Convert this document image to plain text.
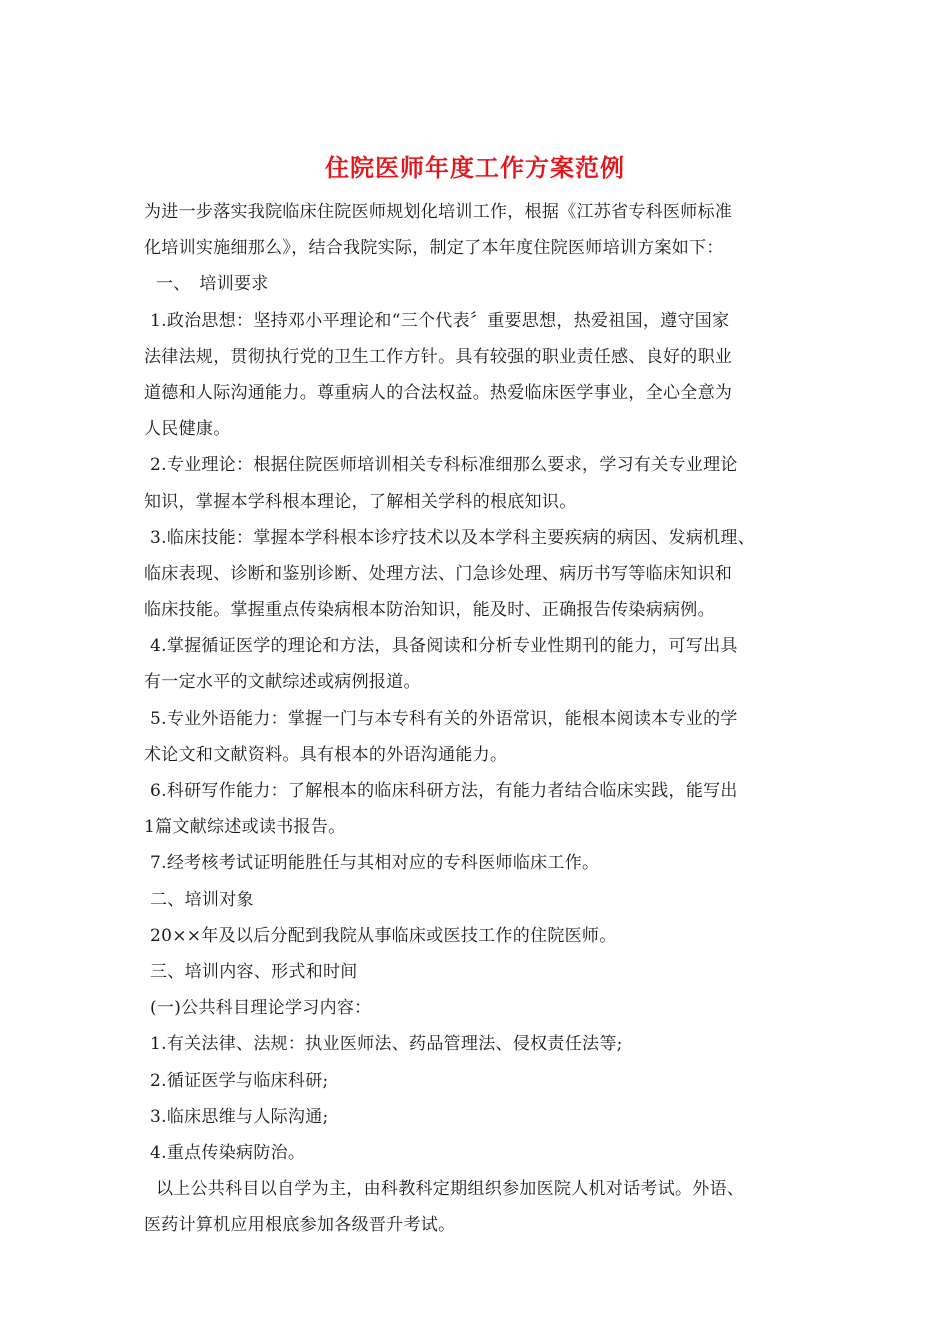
住院医师年度工作方案范例
为进一步落实我院临床住院医师规划化培训工作，根据《江苏省专科医师标准
化培训实施细那么》，结合我院实际，制定了本年度住院医师培训方案如下：
一、　培训要求
1.政治思想：坚持邓小平理论和“三个代表〞重要思想，热爱祖国，遵守国家
法律法规，贯彻执行党的卫生工作方针。具有较强的职业责任感、良好的职业
道德和人际沟通能力。尊重病人的合法权益。热爱临床医学事业，全心全意为
人民健康。
2.专业理论：根据住院医师培训相关专科标准细那么要求，学习有关专业理论
知识，掌握本学科根本理论，了解相关学科的根底知识。
3.临床技能：掌握本学科根本诊疗技术以及本学科主要疾病的病因、发病机理、
临床表现、诊断和鉴别诊断、处理方法、门急诊处理、病历书写等临床知识和
临床技能。掌握重点传染病根本防治知识，能及时、正确报告传染病病例。
4.掌握循证医学的理论和方法，具备阅读和分析专业性期刊的能力，可写出具
有一定水平的文献综述或病例报道。
5.专业外语能力：掌握一门与本专科有关的外语常识，能根本阅读本专业的学
术论文和文献资料。具有根本的外语沟通能力。
6.科研写作能力：了解根本的临床科研方法，有能力者结合临床实践，能写出
1篇文献综述或读书报告。
7.经考核考试证明能胜任与其相对应的专科医师临床工作。
二、培训对象
20××年及以后分配到我院从事临床或医技工作的住院医师。
三、培训内容、形式和时间
(一)公共科目理论学习内容：
1.有关法律、法规：执业医师法、药品管理法、侵权责任法等;
2.循证医学与临床科研;
3.临床思维与人际沟通;
4.重点传染病防治。
以上公共科目以自学为主，由科教科定期组织参加医院人机对话考试。外语、
医药计算机应用根底参加各级晋升考试。
